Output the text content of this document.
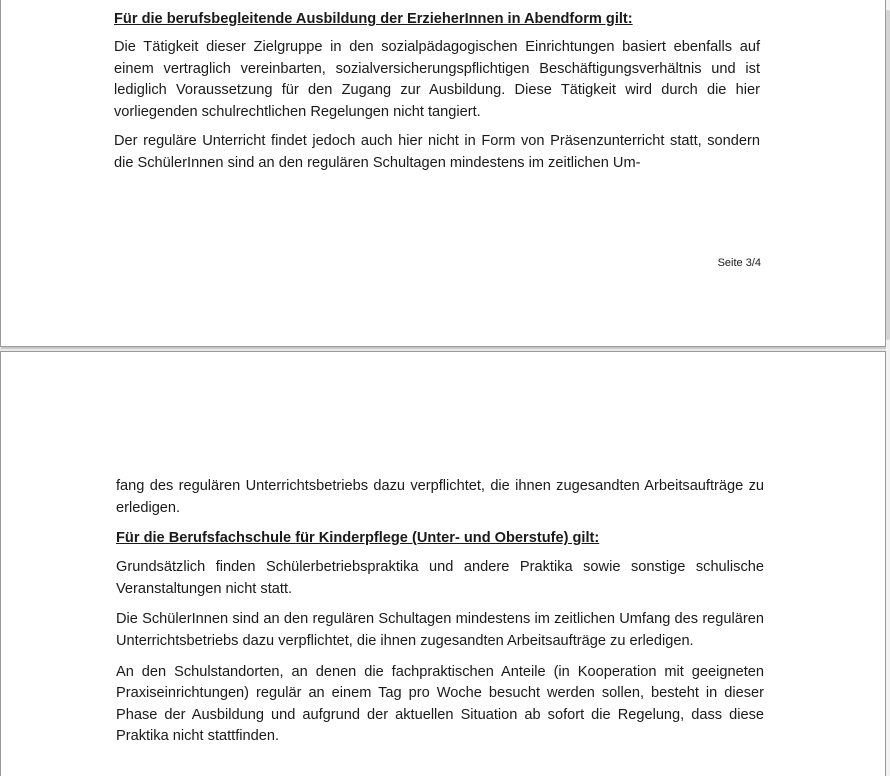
Für die berufsbegleitende Ausbildung der ErzieherInnen in Abendform gilt:

Die Tätigkeit dieser Zielgruppe in den sozialpädagogischen Einrichtungen basiert ebenfalls auf einem vertraglich vereinbarten, sozialversicherungspflichtigen Beschäftigungsverhältnis und ist lediglich Voraussetzung für den Zugang zur Ausbildung. Diese Tätigkeit wird durch die hier vorliegenden schulrechtlichen Regelungen nicht tangiert.

Der reguläre Unterricht findet jedoch auch hier nicht in Form von Präsenzunterricht statt, sondern die SchülerInnen sind an den regulären Schultagen mindestens im zeitlichen Um-

Seite 3/4

fang des regulären Unterrichtsbetriebs dazu verpflichtet, die ihnen zugesandten Arbeitsaufträge zu erledigen.

Für die Berufsfachschule für Kinderpflege (Unter- und Oberstufe) gilt:

Grundsätzlich finden Schülerbetriebspraktika und andere Praktika sowie sonstige schulische Veranstaltungen nicht statt.

Die SchülerInnen sind an den regulären Schultagen mindestens im zeitlichen Umfang des regulären Unterrichtsbetriebs dazu verpflichtet, die ihnen zugesandten Arbeitsaufträge zu erledigen.

An den Schulstandorten, an denen die fachpraktischen Anteile (in Kooperation mit geeigneten Praxiseinrichtungen) regulär an einem Tag pro Woche besucht werden sollen, besteht in dieser Phase der Ausbildung und aufgrund der aktuellen Situation ab sofort die Regelung, dass diese Praktika nicht stattfinden.
